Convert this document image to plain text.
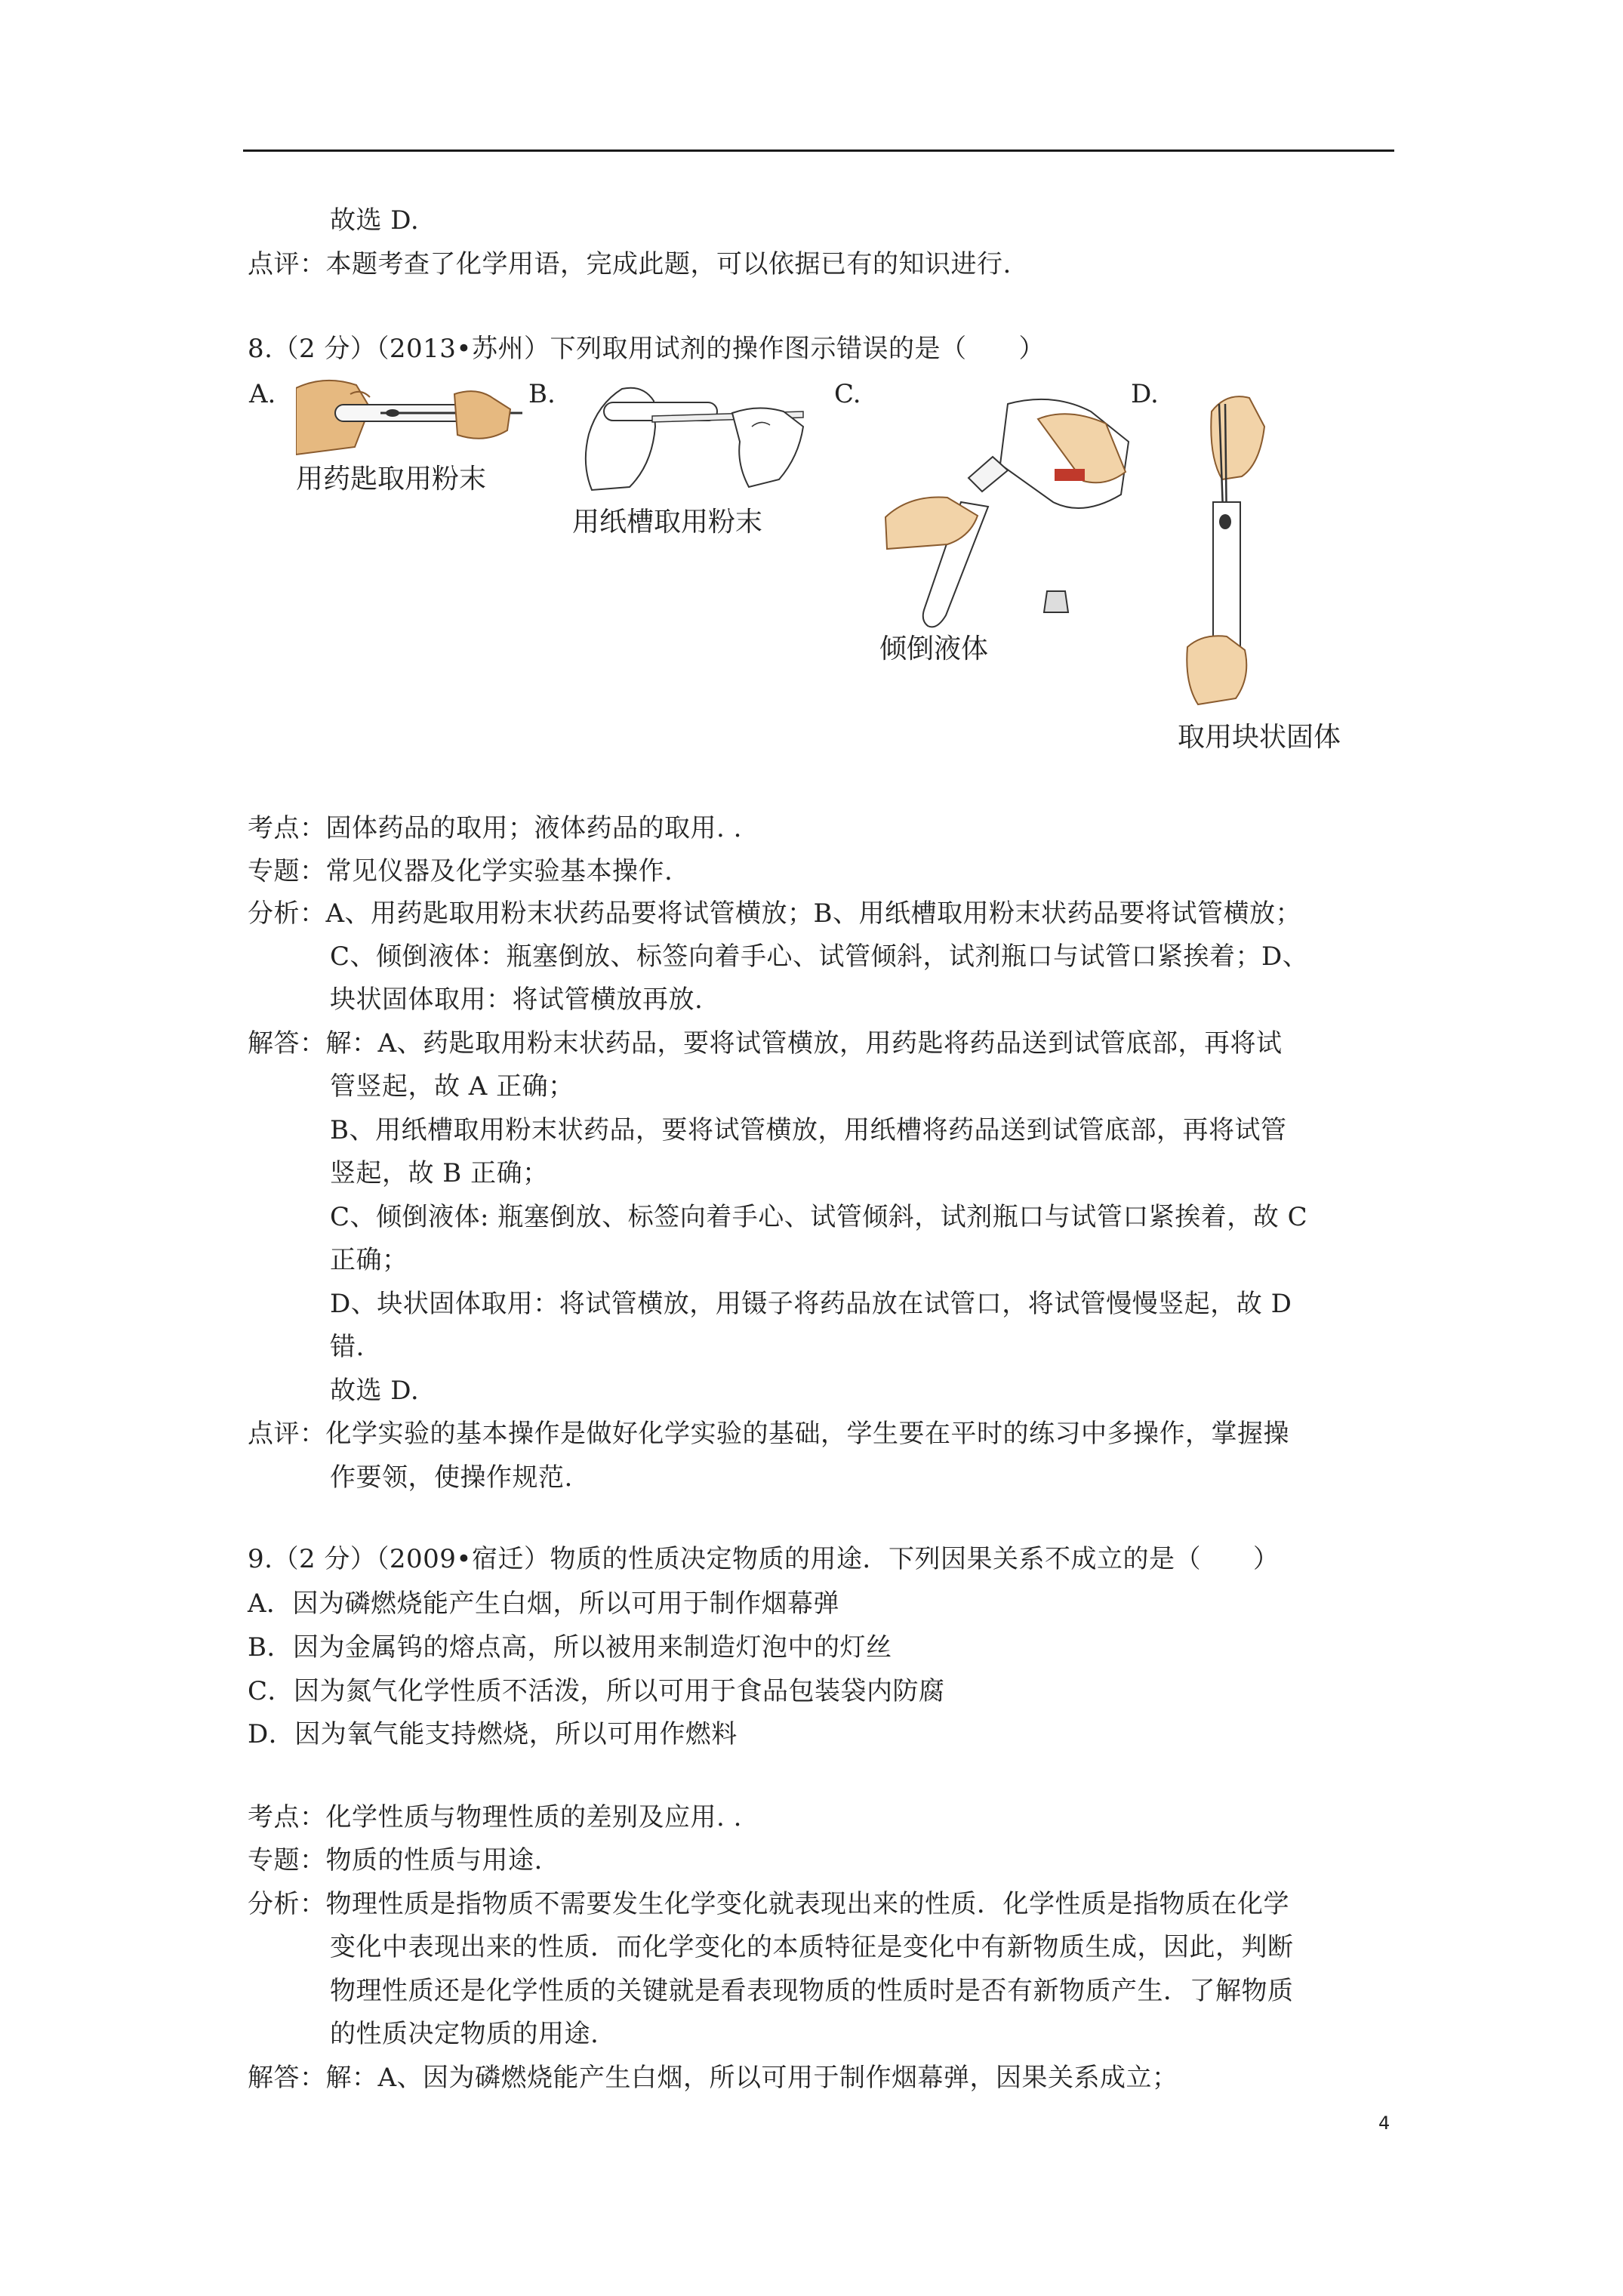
故选 D.
点评：本题考查了化学用语，完成此题，可以依据已有的知识进行.
8.（2 分）（2013•苏州）下列取用试剂的操作图示错误的是（　　）
A.	B.	C.	D.
用药匙取用粉末
用纸槽取用粉末
倾倒液体
取用块状固体
考点：固体药品的取用；液体药品的取用. .
专题：常见仪器及化学实验基本操作.
分析：A、用药匙取用粉末状药品要将试管横放；B、用纸槽取用粉末状药品要将试管横放；
C、倾倒液体：瓶塞倒放、标签向着手心、试管倾斜，试剂瓶口与试管口紧挨着；D、
块状固体取用：将试管横放再放.
解答：解：A、药匙取用粉末状药品，要将试管横放，用药匙将药品送到试管底部，再将试
管竖起，故 A 正确；
B、用纸槽取用粉末状药品，要将试管横放，用纸槽将药品送到试管底部，再将试管
竖起，故 B 正确；
C、倾倒液体: 瓶塞倒放、标签向着手心、试管倾斜，试剂瓶口与试管口紧挨着，故 C
正确；
D、块状固体取用：将试管横放，用镊子将药品放在试管口，将试管慢慢竖起，故 D
错.
故选 D.
点评：化学实验的基本操作是做好化学实验的基础，学生要在平时的练习中多操作，掌握操
作要领，使操作规范.
9.（2 分）（2009•宿迁）物质的性质决定物质的用途．下列因果关系不成立的是（　　）
A．因为磷燃烧能产生白烟，所以可用于制作烟幕弹
B．因为金属钨的熔点高，所以被用来制造灯泡中的灯丝
C．因为氮气化学性质不活泼，所以可用于食品包装袋内防腐
D．因为氧气能支持燃烧，所以可用作燃料
考点：化学性质与物理性质的差别及应用. .
专题：物质的性质与用途.
分析：物理性质是指物质不需要发生化学变化就表现出来的性质．化学性质是指物质在化学
变化中表现出来的性质．而化学变化的本质特征是变化中有新物质生成，因此，判断
物理性质还是化学性质的关键就是看表现物质的性质时是否有新物质产生．了解物质
的性质决定物质的用途.
解答：解：A、因为磷燃烧能产生白烟，所以可用于制作烟幕弹，因果关系成立；
4
